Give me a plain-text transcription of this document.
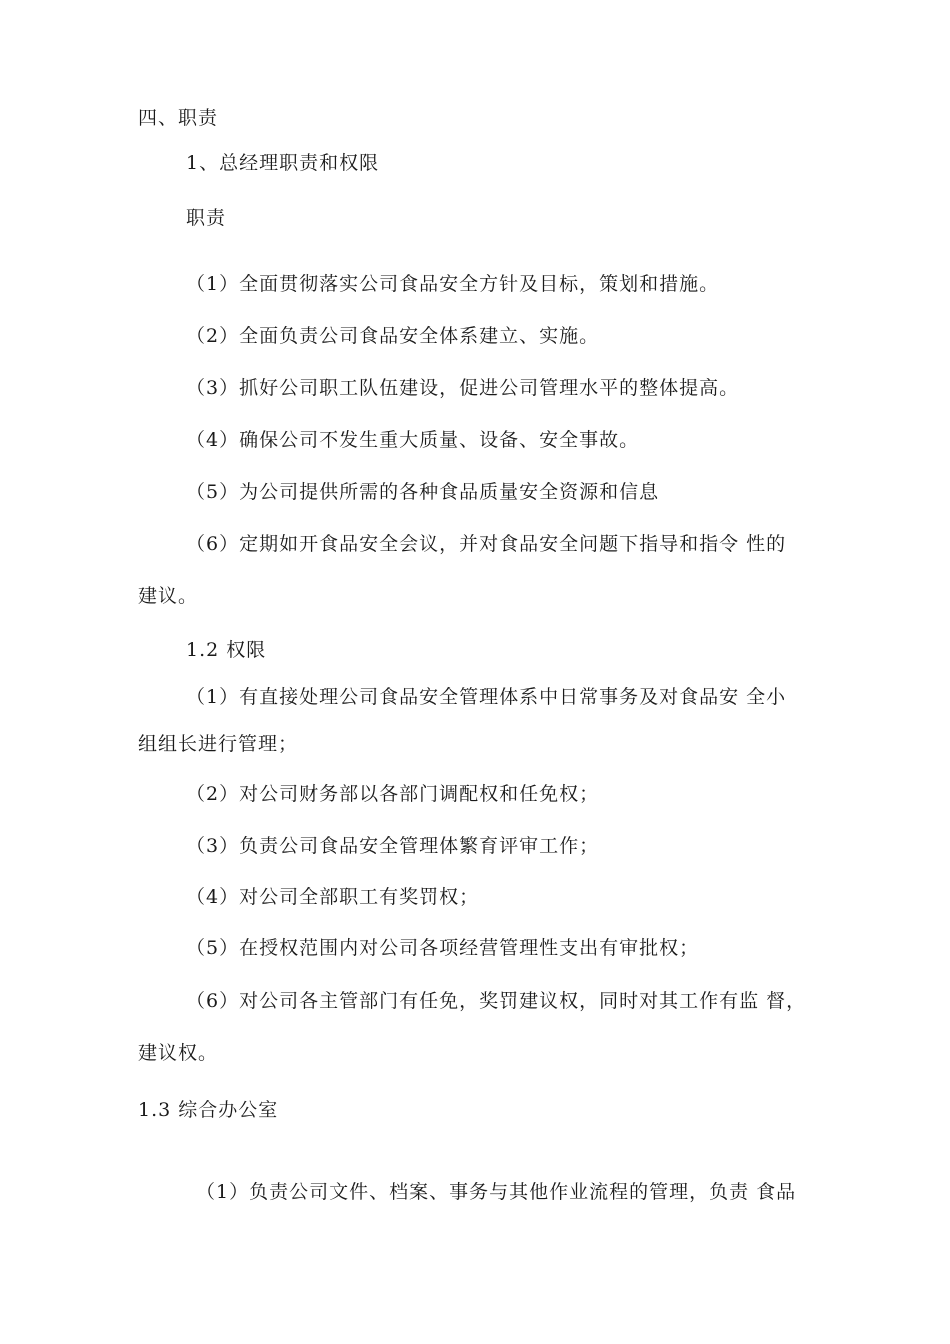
四、职责
1、总经理职责和权限
职责
（1）全面贯彻落实公司食品安全方针及目标，策划和措施。
（2）全面负责公司食品安全体系建立、实施。
（3）抓好公司职工队伍建设，促进公司管理水平的整体提高。
（4）确保公司不发生重大质量、设备、安全事故。
（5）为公司提供所需的各种食品质量安全资源和信息
（6）定期如开食品安全会议，并对食品安全问题下指导和指令 性的
建议。
1.2 权限
（1）有直接处理公司食品安全管理体系中日常事务及对食品安 全小
组组长进行管理；
（2）对公司财务部以各部门调配权和任免权；
（3）负责公司食品安全管理体繁育评审工作；
（4）对公司全部职工有奖罚权；
（5）在授权范围内对公司各项经营管理性支出有审批权；
（6）对公司各主管部门有任免，奖罚建议权，同时对其工作有监 督，
建议权。
1.3 综合办公室
（1）负责公司文件、档案、事务与其他作业流程的管理，负责 食品
